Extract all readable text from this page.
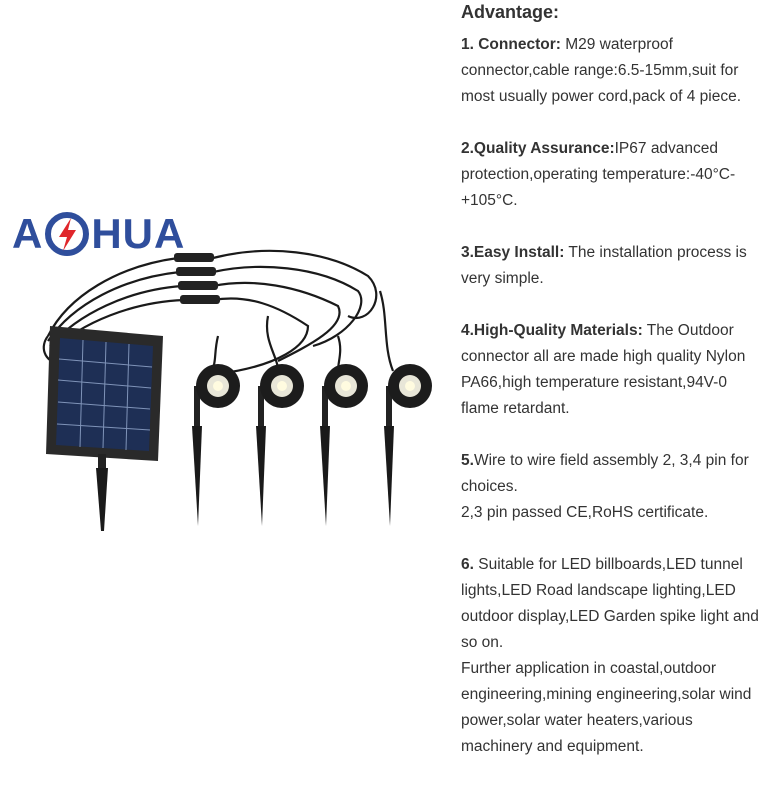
A HUA
Advantage:

1. Connector: M29 waterproof connector,cable range:6.5-15mm,suit for most usually power cord,pack of 4 piece.

2.Quality Assurance:IP67 advanced protection,operating temperature:-40°C-+105°C.

3.Easy Install: The installation process is very simple.

4.High-Quality Materials: The Outdoor connector all are made high quality Nylon PA66,high temperature resistant,94V-0 flame retardant.

5.Wire to wire field assembly 2, 3,4 pin for choices.

2,3 pin passed CE,RoHS certificate.

6. Suitable for LED billboards,LED tunnel lights,LED Road landscape lighting,LED outdoor display,LED Garden spike light and so on.

Further application in coastal,outdoor engineering,mining engineering,solar wind power,solar water heaters,various machinery and equipment.
